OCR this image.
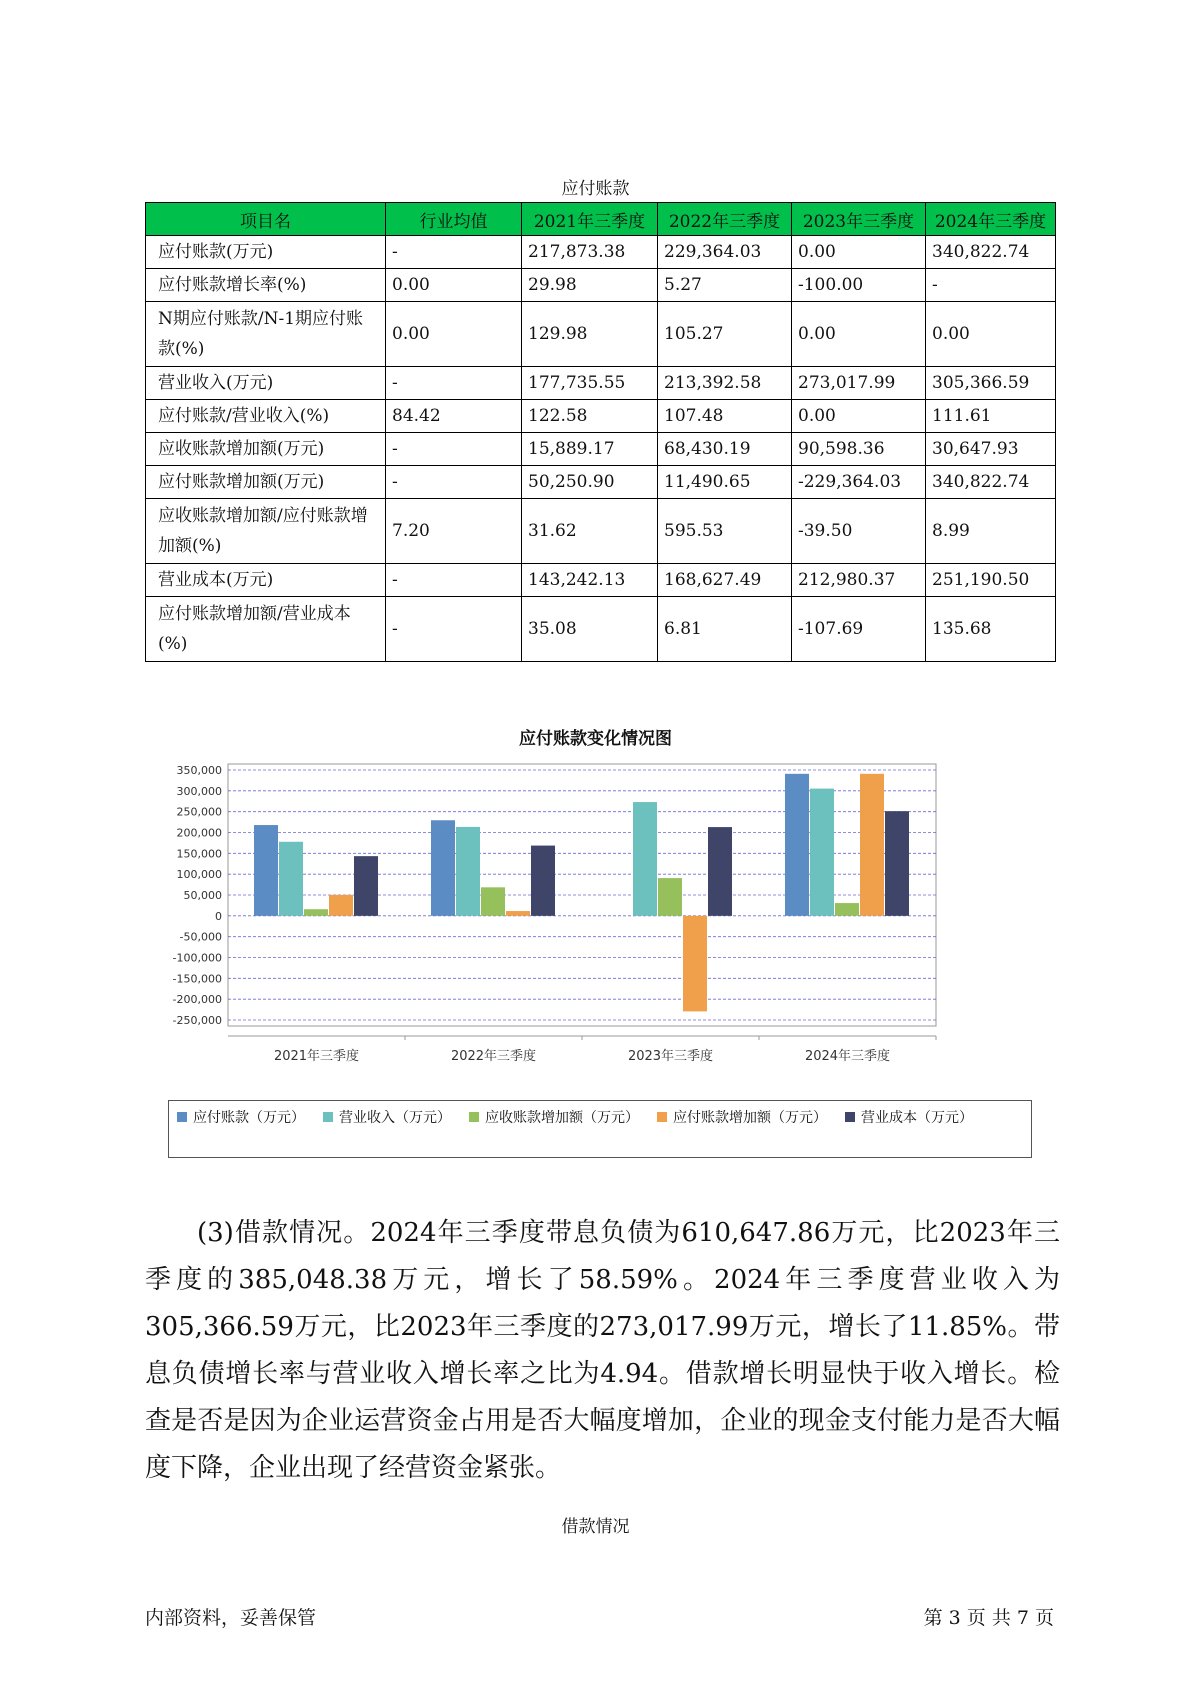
应付账款
项目名	行业均值	2021年三季度	2022年三季度	2023年三季度	2024年三季度
应付账款(万元)	-	217,873.38	229,364.03	0.00	340,822.74
应付账款增长率(%)	0.00	29.98	5.27	-100.00	-
N期应付账款/N-1期应付账款(%)	0.00	129.98	105.27	0.00	0.00
营业收入(万元)	-	177,735.55	213,392.58	273,017.99	305,366.59
应付账款/营业收入(%)	84.42	122.58	107.48	0.00	111.61
应收账款增加额(万元)	-	15,889.17	68,430.19	90,598.36	30,647.93
应付账款增加额(万元)	-	50,250.90	11,490.65	-229,364.03	340,822.74
应收账款增加额/应付账款增加额(%)	7.20	31.62	595.53	-39.50	8.99
营业成本(万元)	-	143,242.13	168,627.49	212,980.37	251,190.50
应付账款增加额/营业成本(%)	-	35.08	6.81	-107.69	135.68
应付账款变化情况图
350,000
300,000
250,000
200,000
150,000
100,000
50,000
0
-50,000
-100,000
-150,000
-200,000
-250,000
2021年三季度	2022年三季度	2023年三季度	2024年三季度
应付账款（万元） 营业收入（万元） 应收账款增加额（万元） 应付账款增加额（万元） 营业成本（万元）

(3)借款情况。2024年三季度带息负债为610,647.86万元，比2023年三季度的385,048.38万元，增长了58.59%。2024年三季度营业收入为305,366.59万元，比2023年三季度的273,017.99万元，增长了11.85%。带息负债增长率与营业收入增长率之比为4.94。借款增长明显快于收入增长。检查是否是因为企业运营资金占用是否大幅度增加，企业的现金支付能力是否大幅度下降，企业出现了经营资金紧张。

借款情况
内部资料，妥善保管	第 3 页 共 7 页
